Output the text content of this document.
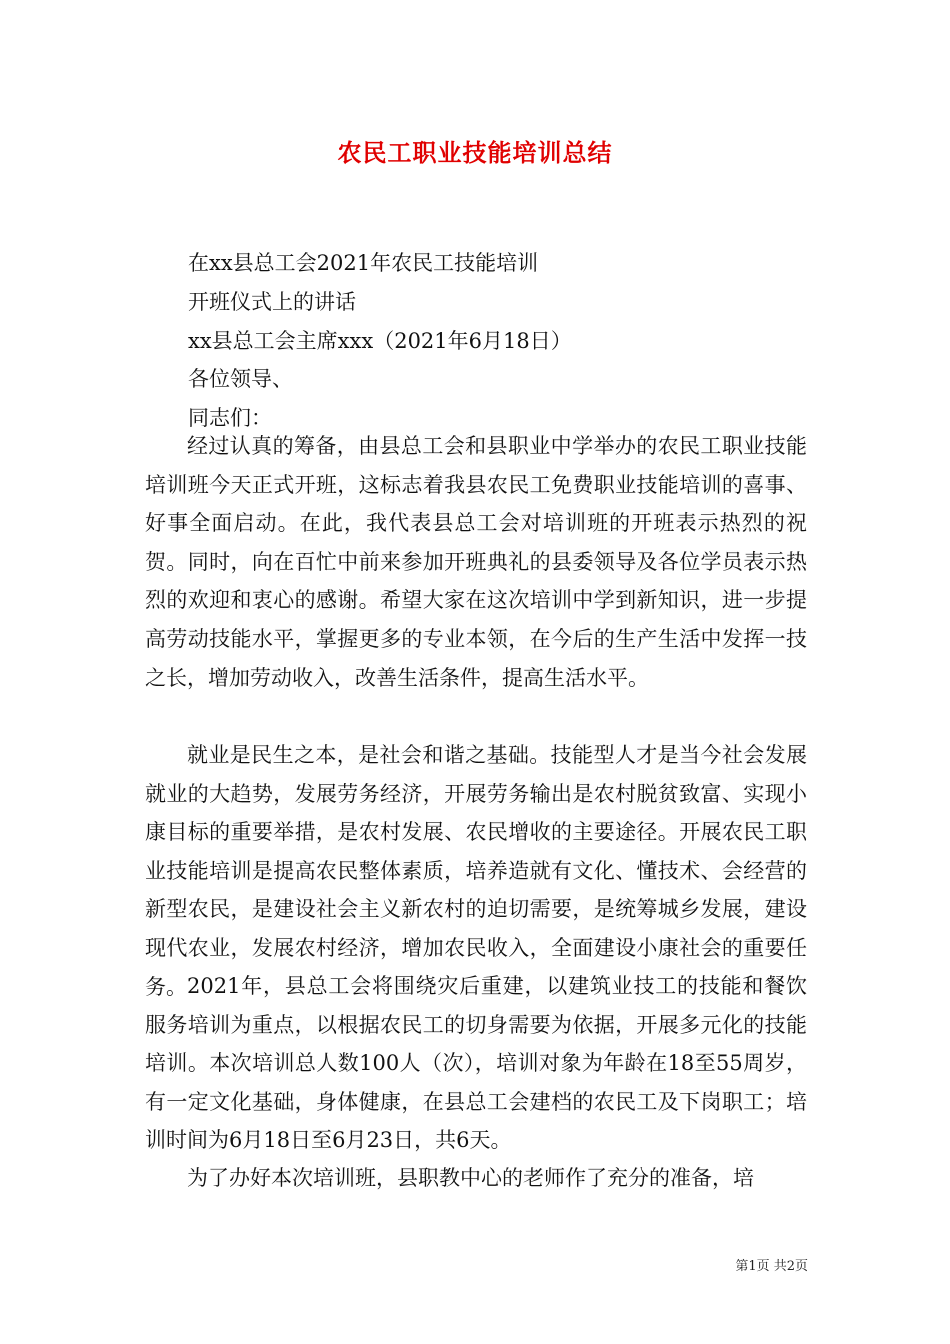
农民工职业技能培训总结

在xx县总工会2021年农民工技能培训

开班仪式上的讲话

xx县总工会主席xxx（2021年6月18日）

各位领导、

同志们：

经过认真的筹备，由县总工会和县职业中学举办的农民工职业技能培训班今天正式开班，这标志着我县农民工免费职业技能培训的喜事、好事全面启动。在此，我代表县总工会对培训班的开班表示热烈的祝贺。同时，向在百忙中前来参加开班典礼的县委领导及各位学员表示热烈的欢迎和衷心的感谢。希望大家在这次培训中学到新知识，进一步提高劳动技能水平，掌握更多的专业本领，在今后的生产生活中发挥一技之长，增加劳动收入，改善生活条件，提高生活水平。

就业是民生之本，是社会和谐之基础。技能型人才是当今社会发展就业的大趋势，发展劳务经济，开展劳务输出是农村脱贫致富、实现小康目标的重要举措，是农村发展、农民增收的主要途径。开展农民工职业技能培训是提高农民整体素质，培养造就有文化、懂技术、会经营的新型农民，是建设社会主义新农村的迫切需要，是统筹城乡发展，建设现代农业，发展农村经济，增加农民收入，全面建设小康社会的重要任务。 2021年，县总工会将围绕灾后重建，以建筑业技工的技能和餐饮服务培训为重点，以根据农民工的切身需要为依据，开展多元化的技能培训。本次培训总人数100人（次），培训对象为年龄在18至55周岁，有一定文化基础，身体健康，在县总工会建档的农民工及下岗职工；培训时间为6月18日至6月23日，共6天。

为了办好本次培训班，县职教中心的老师作了充分的准备，培

第1页 共2页
